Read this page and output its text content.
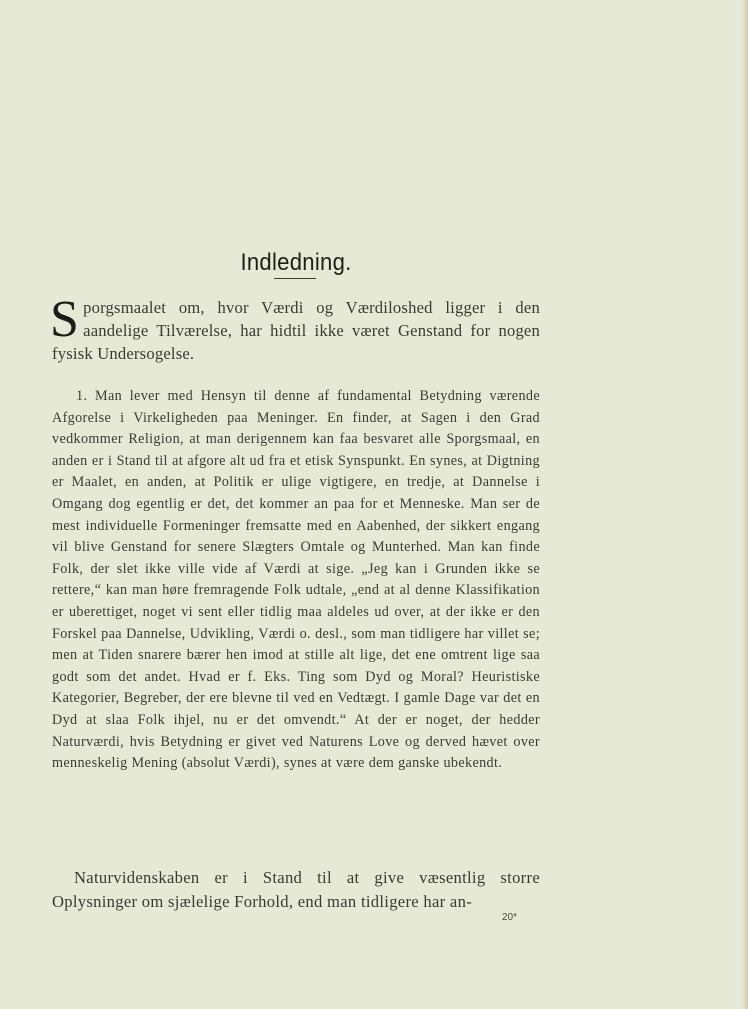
Indledning.
Sporgsmaalet om, hvor Værdi og Værdiloshed ligger i den aandelige Tilværelse, har hidtil ikke været Genstand for nogen fysisk Undersogelse.

1. Man lever med Hensyn til denne af fundamental Betydning værende Afgorelse i Virkeligheden paa Meninger. En finder, at Sagen i den Grad vedkommer Religion, at man derigennem kan faa besvaret alle Sporgsmaal, en anden er i Stand til at afgore alt ud fra et etisk Synspunkt. En synes, at Digtning er Maalet, en anden, at Politik er ulige vigtigere, en tredje, at Dannelse i Omgang dog egentlig er det, det kommer an paa for et Menneske. Man ser de mest individuelle Formeninger fremsatte med en Aabenhed, der sikkert engang vil blive Genstand for senere Slægters Omtale og Munterhed. Man kan finde Folk, der slet ikke ville vide af Værdi at sige. „Jeg kan i Grunden ikke se rettere,“ kan man høre fremragende Folk udtale, „end at al denne Klassifikation er uberettiget, noget vi sent eller tidlig maa aldeles ud over, at der ikke er den Forskel paa Dannelse, Udvikling, Værdi o. desl., som man tidligere har villet se; men at Tiden snarere bærer hen imod at stille alt lige, det ene omtrent lige saa godt som det andet. Hvad er f. Eks. Ting som Dyd og Moral? Heuristiske Kategorier, Begreber, der ere blevne til ved en Vedtægt. I gamle Dage var det en Dyd at slaa Folk ihjel, nu er det omvendt.“ At der er noget, der hedder Naturværdi, hvis Betydning er givet ved Naturens Love og derved hævet over menneskelig Mening (absolut Værdi), synes at være dem ganske ubekendt.

Naturvidenskaben er i Stand til at give væsentlig storre Oplysninger om sjælelige Forhold, end man tidligere har an-

20*
